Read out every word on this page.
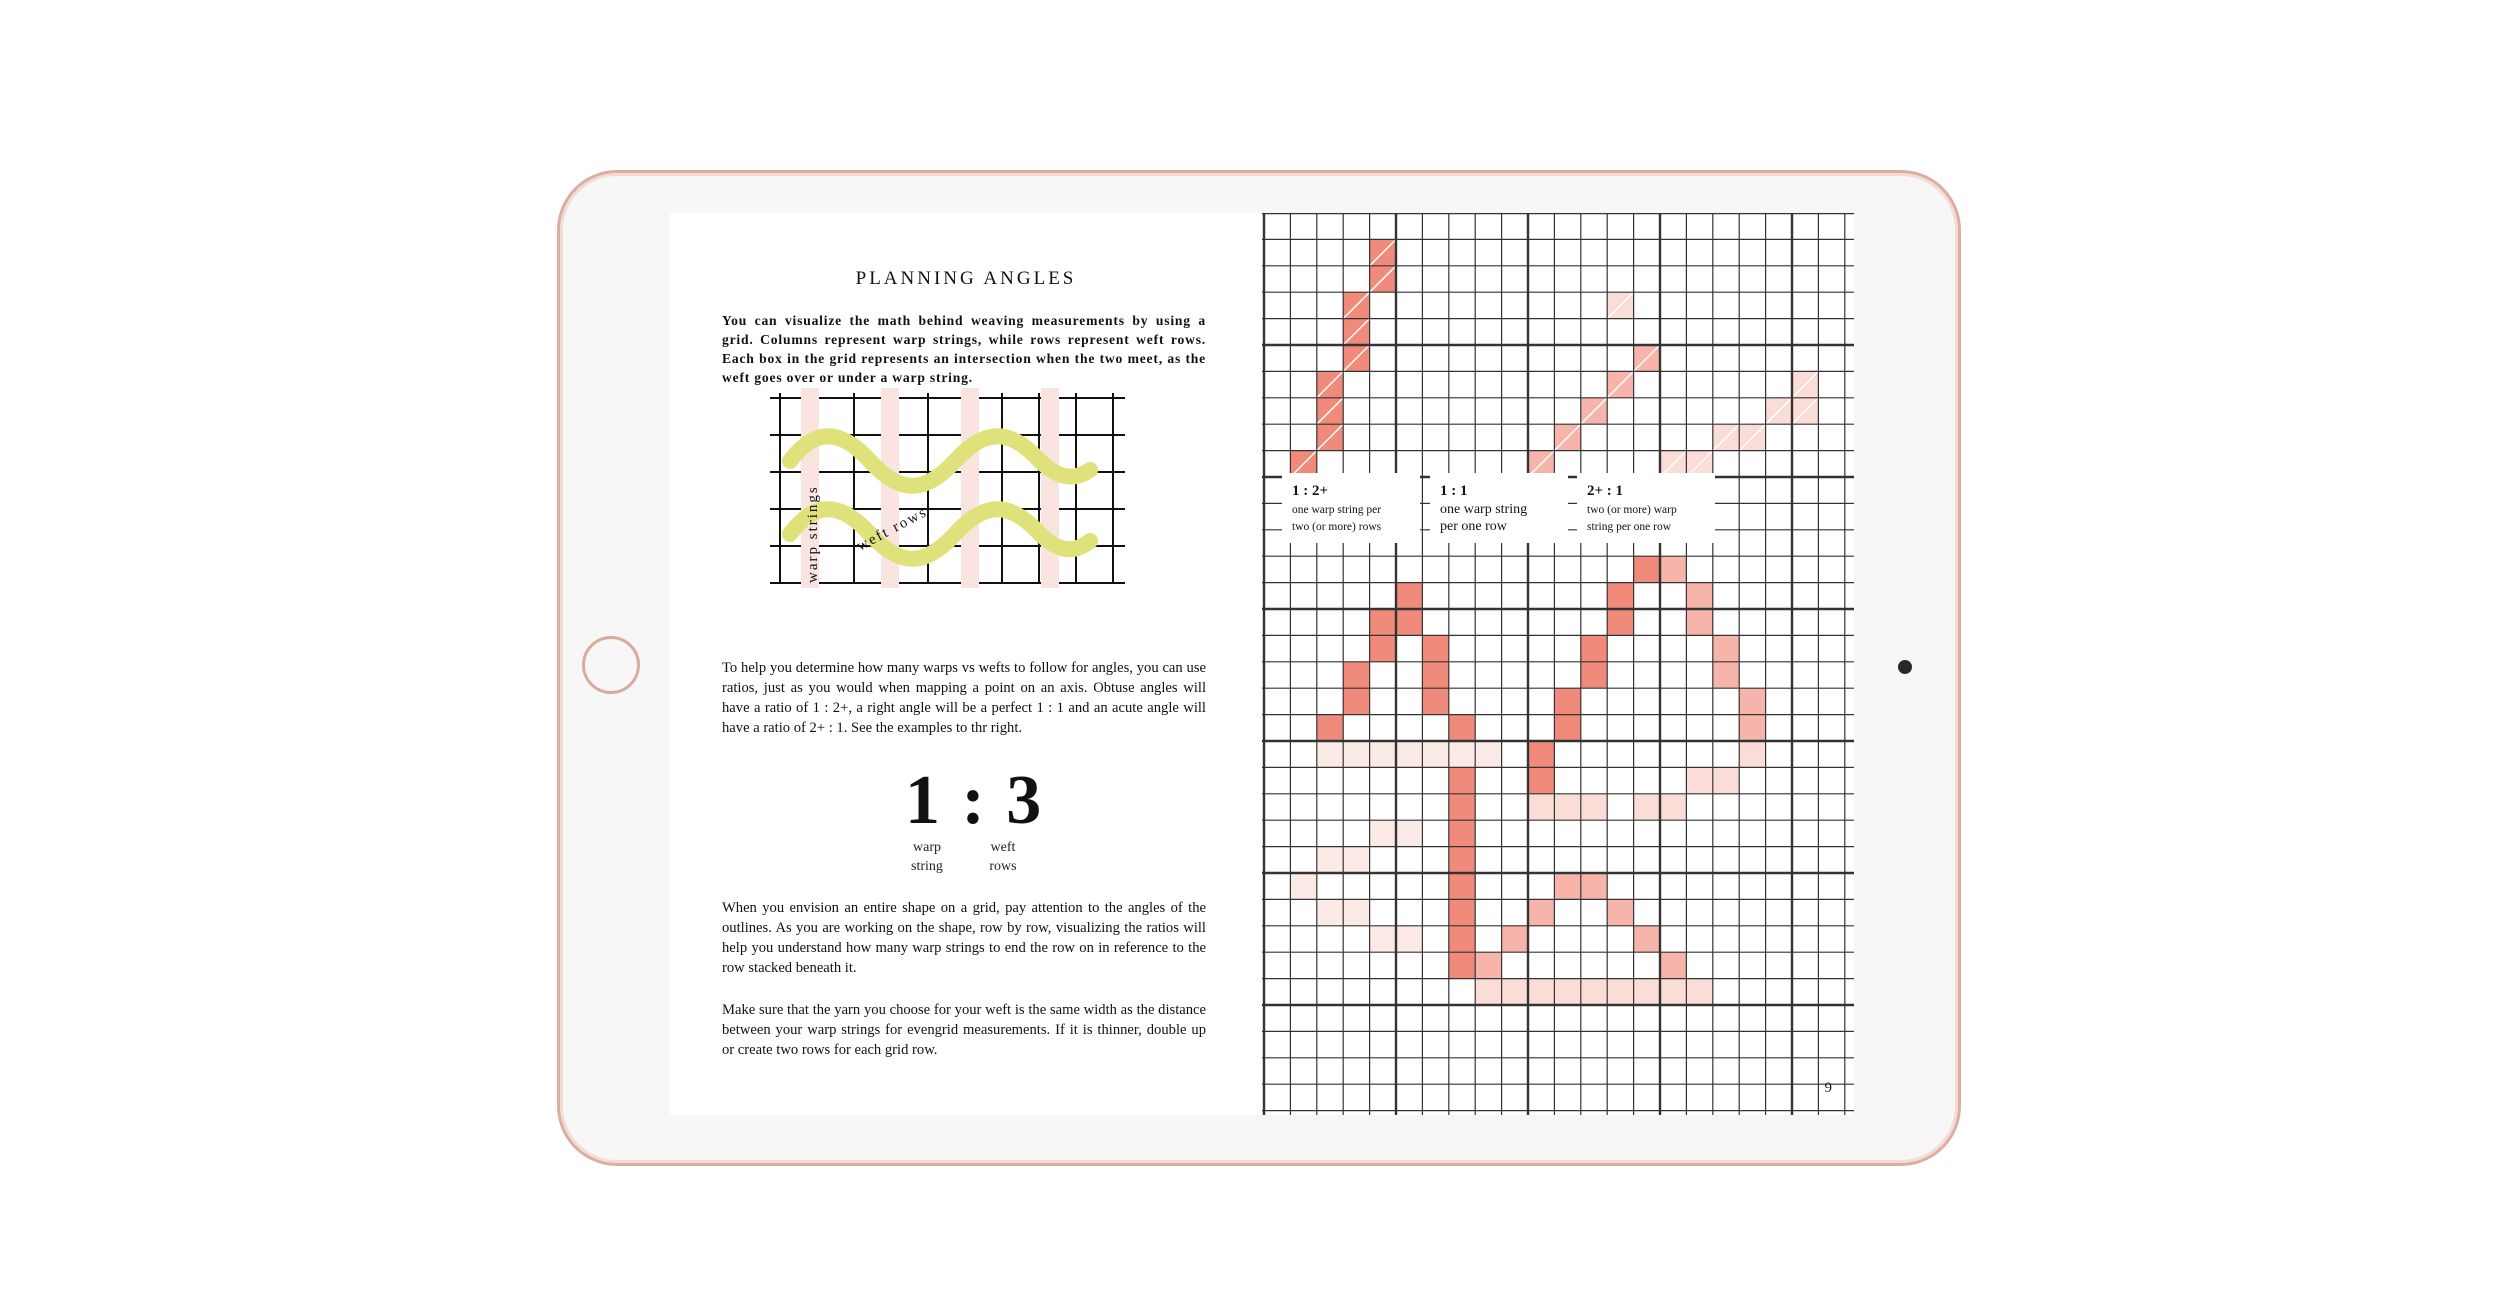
PLANNING ANGLES

You can visualize the math behind weaving measurements by using a grid. Columns represent warp strings, while rows represent weft rows. Each box in the grid represents an intersection when the two meet, as the weft goes over or under a warp string.

warp strings weft rows

To help you determine how many warps vs wefts to follow for angles, you can use ratios, just as you would when mapping a point on an axis. Obtuse angles will have a ratio of 1 : 2+, a right angle will be a perfect 1 : 1 and an acute angle will have a ratio of 2+ : 1. See the examples to thr right.

1 : 3
warp
string
weft
rows

When you envision an entire shape on a grid, pay attention to the angles of the outlines. As you are working on the shape, row by row, visualizing the ratios will help you understand how many warp strings to end the row on in reference to the row stacked beneath it.

Make sure that the yarn you choose for your weft is the same width as the distance between your warp strings for evengrid measurements. If it is thinner, double up or create two rows for each grid row.

1 : 2+
one warp string per
two (or more) rows
1 : 1
one warp string
per one row
2+ : 1
two (or more) warp
string per one row
9
